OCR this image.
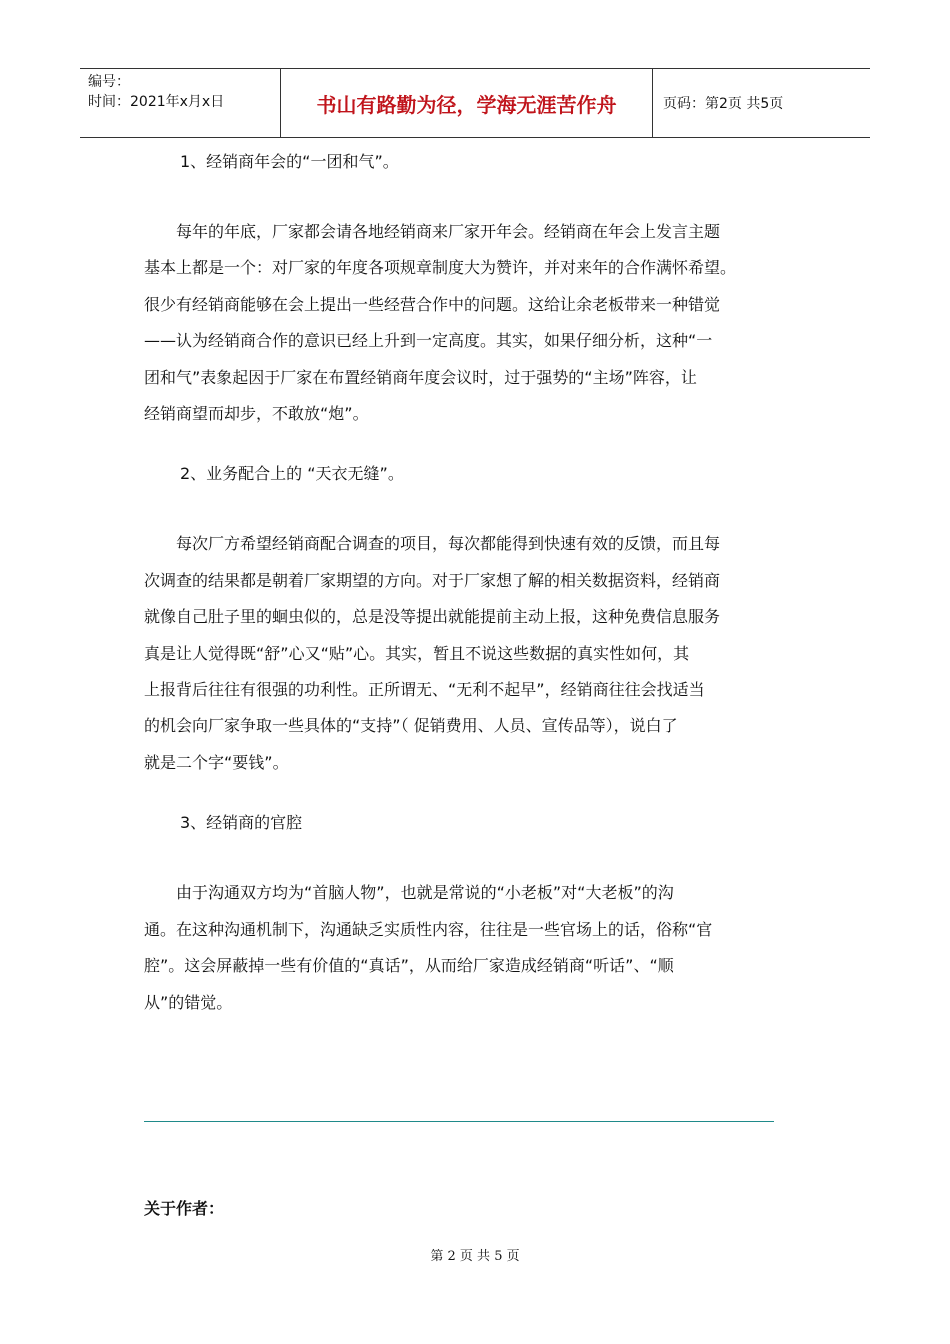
编号：
时间：2021年x月x日	书山有路勤为径，学海无涯苦作舟	页码：第2页 共5页

1、经销商年会的“一团和气”。

每年的年底，厂家都会请各地经销商来厂家开年会。经销商在年会上发言主题

基本上都是一个：对厂家的年度各项规章制度大为赞许，并对来年的合作满怀希望。

很少有经销商能够在会上提出一些经营合作中的问题。这给让余老板带来一种错觉

——认为经销商合作的意识已经上升到一定高度。其实，如果仔细分析，这种“一

团和气”表象起因于厂家在布置经销商年度会议时，过于强势的“主场”阵容，让

经销商望而却步，不敢放“炮”。

2、业务配合上的 “天衣无缝”。

每次厂方希望经销商配合调查的项目，每次都能得到快速有效的反馈，而且每

次调查的结果都是朝着厂家期望的方向。对于厂家想了解的相关数据资料，经销商

就像自己肚子里的蛔虫似的，总是没等提出就能提前主动上报，这种免费信息服务

真是让人觉得既“舒”心又“贴”心。其实，暂且不说这些数据的真实性如何，其

上报背后往往有很强的功利性。正所谓无、“无利不起早”，经销商往往会找适当

的机会向厂家争取一些具体的“支持”（ 促销费用、人员、宣传品等），说白了

就是二个字“要钱”。

3、经销商的官腔

由于沟通双方均为“首脑人物”，也就是常说的“小老板”对“大老板”的沟

通。在这种沟通机制下，沟通缺乏实质性内容，往往是一些官场上的话，俗称“官

腔”。这会屏蔽掉一些有价值的“真话”，从而给厂家造成经销商“听话”、“顺

从”的错觉。

关于作者：
第 2 页 共 5 页
